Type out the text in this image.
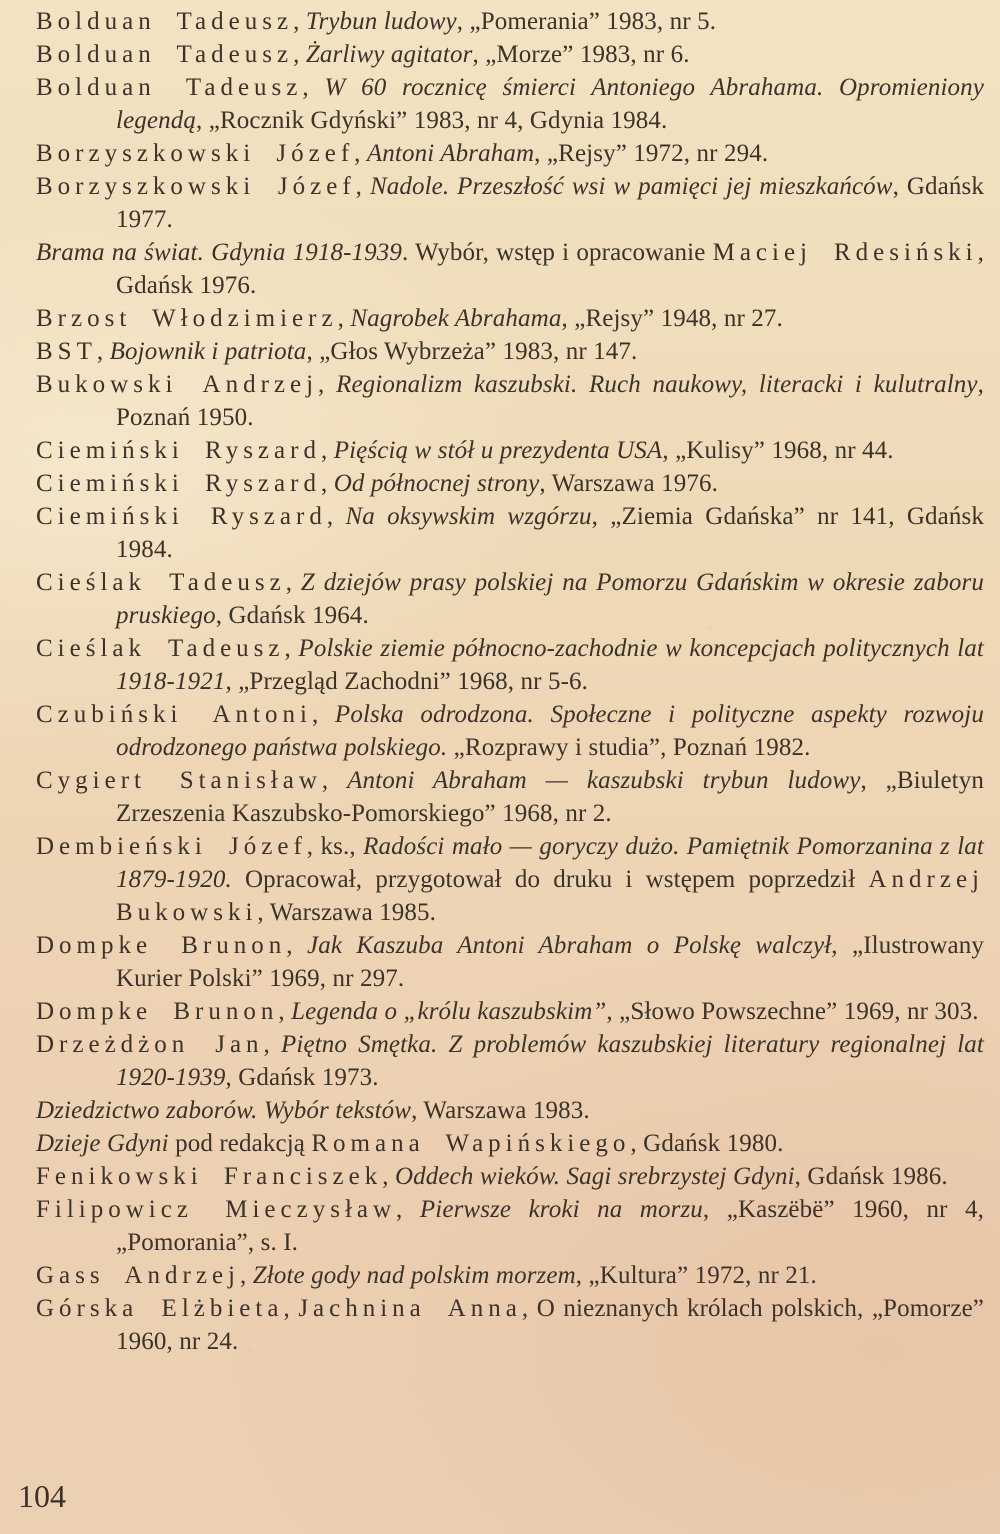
Bolduan Tadeusz, Trybun ludowy, „Pomerania” 1983, nr 5.

Bolduan Tadeusz, Żarliwy agitator, „Morze” 1983, nr 6.

Bolduan Tadeusz, W 60 rocznicę śmierci Antoniego Abrahama. Opromieniony legendą, „Rocznik Gdyński” 1983, nr 4, Gdynia 1984.

Borzyszkowski Józef, Antoni Abraham, „Rejsy” 1972, nr 294.

Borzyszkowski Józef, Nadole. Przeszłość wsi w pamięci jej mieszkańców, Gdańsk 1977.

Brama na świat. Gdynia 1918-1939. Wybór, wstęp i opracowanie Maciej Rdesiński, Gdańsk 1976.

Brzost Włodzimierz, Nagrobek Abrahama, „Rejsy” 1948, nr 27.

BST, Bojownik i patriota, „Głos Wybrzeża” 1983, nr 147.

Bukowski Andrzej, Regionalizm kaszubski. Ruch naukowy, literacki i kulutralny, Poznań 1950.

Ciemiński Ryszard, Pięścią w stół u prezydenta USA, „Kulisy” 1968, nr 44.

Ciemiński Ryszard, Od północnej strony, Warszawa 1976.

Ciemiński Ryszard, Na oksywskim wzgórzu, „Ziemia Gdańska” nr 141, Gdańsk 1984.

Cieślak Tadeusz, Z dziejów prasy polskiej na Pomorzu Gdańskim w okresie zaboru pruskiego, Gdańsk 1964.

Cieślak Tadeusz, Polskie ziemie północno-zachodnie w koncepcjach politycznych lat 1918-1921, „Przegląd Zachodni” 1968, nr 5-6.

Czubiński Antoni, Polska odrodzona. Społeczne i polityczne aspekty rozwoju odrodzonego państwa polskiego. „Rozprawy i studia”, Poznań 1982.

Cygiert Stanisław, Antoni Abraham — kaszubski trybun ludowy, „Biuletyn Zrzeszenia Kaszubsko-Pomorskiego” 1968, nr 2.

Dembieński Józef, ks., Radości mało — goryczy dużo. Pamiętnik Pomorzanina z lat 1879-1920. Opracował, przygotował do druku i wstępem poprzedził Andrzej Bukowski, Warszawa 1985.

Dompke Brunon, Jak Kaszuba Antoni Abraham o Polskę walczył, „Ilustrowany Kurier Polski” 1969, nr 297.

Dompke Brunon, Legenda o „królu kaszubskim”, „Słowo Powszechne” 1969, nr 303.

Drzeżdżon Jan, Piętno Smętka. Z problemów kaszubskiej literatury regionalnej lat 1920-1939, Gdańsk 1973.

Dziedzictwo zaborów. Wybór tekstów, Warszawa 1983.

Dzieje Gdyni pod redakcją Romana Wapińskiego, Gdańsk 1980.

Fenikowski Franciszek, Oddech wieków. Sagi srebrzystej Gdyni, Gdańsk 1986.

Filipowicz Mieczysław, Pierwsze kroki na morzu, „Kaszëbë” 1960, nr 4, „Pomorania”, s. I.

Gass Andrzej, Złote gody nad polskim morzem, „Kultura” 1972, nr 21.

Górska Elżbieta, Jachnina Anna, O nieznanych królach polskich, „Pomorze” 1960, nr 24.

104
